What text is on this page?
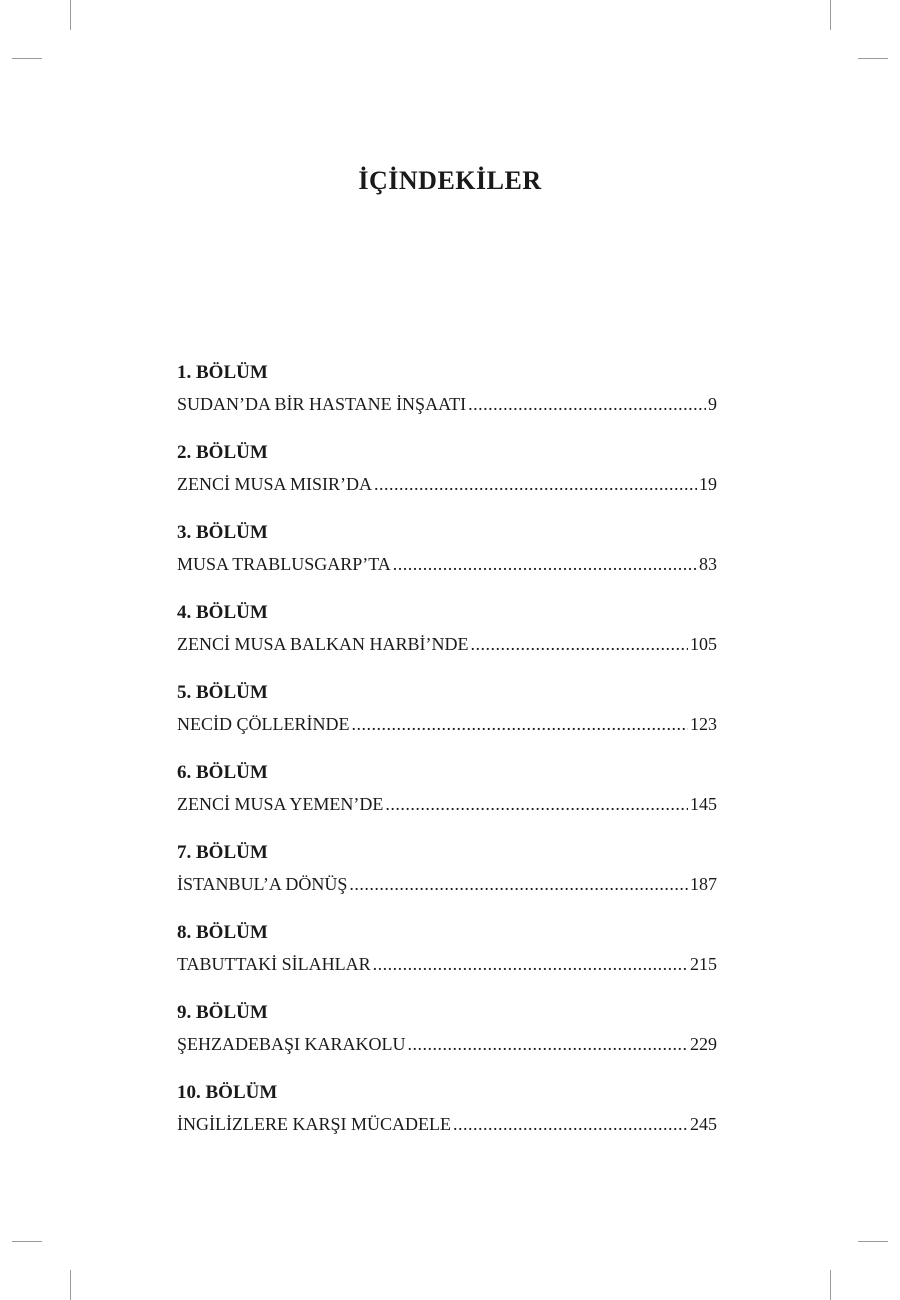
İÇİNDEKİLER
1. BÖLÜM
SUDAN’DA BİR HASTANE İNŞAATI .....	9
2. BÖLÜM
ZENCİ MUSA MISIR’DA .....	19
3. BÖLÜM
MUSA TRABLUSGARP’TA .....	83
4. BÖLÜM
ZENCİ MUSA BALKAN HARBİ’NDE .....	105
5. BÖLÜM
NECİD ÇÖLLERİNDE .....	123
6. BÖLÜM
ZENCİ MUSA YEMEN’DE .....	145
7. BÖLÜM
İSTANBUL’A DÖNÜŞ .....	187
8. BÖLÜM
TABUTTAKİ SİLAHLAR .....	215
9. BÖLÜM
ŞEHZADEBAŞI KARAKOLU .....	229
10. BÖLÜM
İNGİLİZLERE KARŞI MÜCADELE .....	245
